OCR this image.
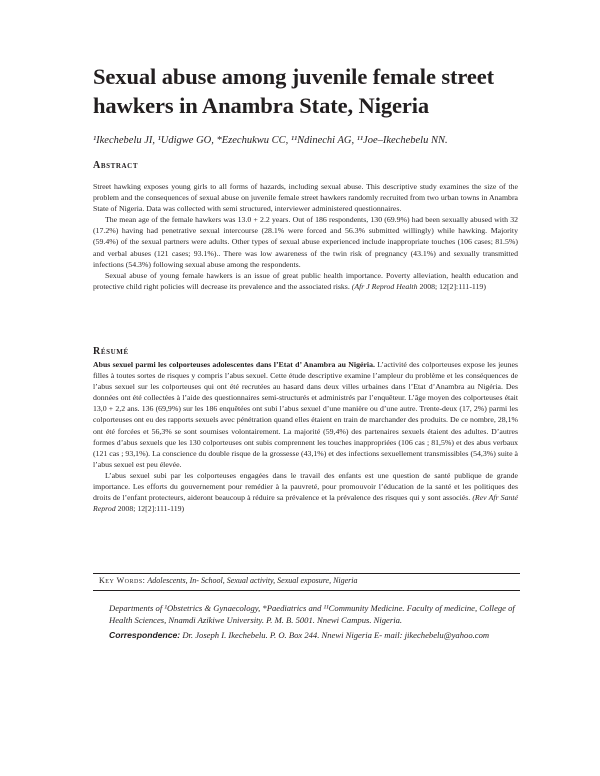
Sexual abuse among juvenile female street hawkers in Anambra State, Nigeria

¹Ikechebelu JI, ¹Udigwe GO, *Ezechukwu CC, ¹¹Ndinechi AG, ¹¹Joe–Ikechebelu NN.

Abstract

Street hawking exposes young girls to all forms of hazards, including sexual abuse. This descriptive study examines the size of the problem and the consequences of sexual abuse on juvenile female street hawkers randomly recruited from two urban towns in Anambra State of Nigeria. Data was collected with semi structured, interviewer administered questionnaires.

The mean age of the female hawkers was 13.0 + 2.2 years. Out of 186 respondents, 130 (69.9%) had been sexually abused with 32 (17.2%) having had penetrative sexual intercourse (28.1% were forced and 56.3% submitted willingly) while hawking. Majority (59.4%) of the sexual partners were adults. Other types of sexual abuse experienced include inappropriate touches (106 cases; 81.5%) and verbal abuses (121 cases; 93.1%).. There was low awareness of the twin risk of pregnancy (43.1%) and sexually transmitted infections (54.3%) following sexual abuse among the respondents.

Sexual abuse of young female hawkers is an issue of great public health importance. Poverty alleviation, health education and protective child right policies will decrease its prevalence and the associated risks. (Afr J Reprod Health 2008; 12[2]:111-119)

Résumé

Abus sexuel parmi les colporteuses adolescentes dans l’Etat d’ Anambra au Nigéria. L’activité des colporteuses expose les jeunes filles à toutes sortes de risques y compris l’abus sexuel. Cette étude descriptive examine l’ampleur du problème et les conséquences de l’abus sexuel sur les colporteuses qui ont été recrutées au hasard dans deux villes urbaines dans l’Etat d’Anambra au Nigéria. Des données ont été collectées à l’aide des questionnaires semi-structurés et administrés par l’enquêteur. L’âge moyen des colporteuses était 13,0 + 2,2 ans. 136 (69,9%) sur les 186 enquêtées ont subi l’abus sexuel d’une manière ou d’une autre. Trente-deux (17, 2%) parmi les colporteuses ont eu des rapports sexuels avec pénétration quand elles étaient en train de marchander des produits. De ce nombre, 28,1% ont été forcées et 56,3% se sont soumises volontairement. La majorité (59,4%) des partenaires sexuels étaient des adultes. D’autres formes d’abus sexuels que les 130 colporteuses ont subis comprennent les touches inappropriées (106 cas ; 81,5%) et des abus verbaux (121 cas ; 93,1%). La conscience du double risque de la grossesse (43,1%) et des infections sexuellement transmissibles (54,3%) suite à l’abus sexuel est peu élevée.

L’abus sexuel subi par les colporteuses engagées dans le travail des enfants est une question de santé publique de grande importance. Les efforts du gouvernement pour remédier à la pauvreté, pour promouvoir l’éducation de la santé et les politiques des droits de l’enfant protecteurs, aideront beaucoup à réduire sa prévalence et la prévalence des risques qui y sont associés. (Rev Afr Santé Reprod 2008; 12[2]:111-119)

Key Words: Adolescents, In- School, Sexual activity, Sexual exposure, Nigeria

Departments of ¹Obstetrics & Gynaecology, *Paediatrics and ¹¹Community Medicine. Faculty of medicine, College of Health Sciences, Nnamdi Azikiwe University. P. M. B. 5001. Nnewi Campus. Nigeria.

Correspondence: Dr. Joseph I. Ikechebelu. P. O. Box 244. Nnewi Nigeria E- mail: jikechebelu@yahoo.com
